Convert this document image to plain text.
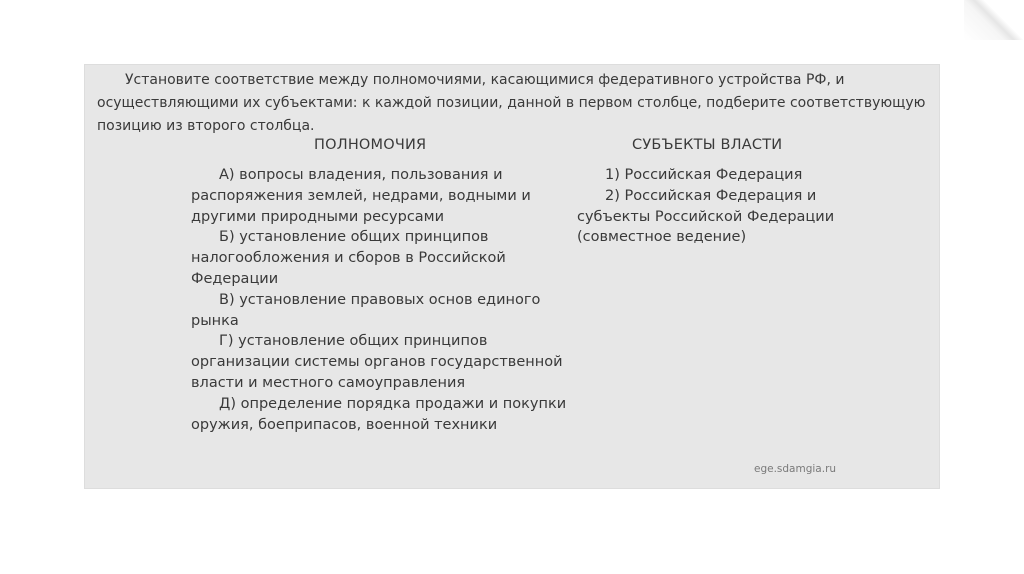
Установите соответствие между полномочиями, касающимися федеративного устройства РФ, и осуществляющими их субъектами: к каждой позиции, данной в первом столбце, подберите соответствующую позицию из второго столбца.

ПОЛНОМОЧИЯ	СУБЪЕКТЫ ВЛАСТИ
А) вопросы владения, пользования и распоряжения землей, недрами, водными и другими природными ресурсами
Б) установление общих принципов налогообложения и сборов в Российской Федерации
В) установление правовых основ единого рынка
Г) установление общих принципов организации системы органов государственной власти и местного самоуправления
Д) определение порядка продажи и покупки оружия, боеприпасов, военной техники
1) Российская Федерация
2) Российская Федерация и субъекты Российской Федерации (совместное ведение)
ege.sdamgia.ru
